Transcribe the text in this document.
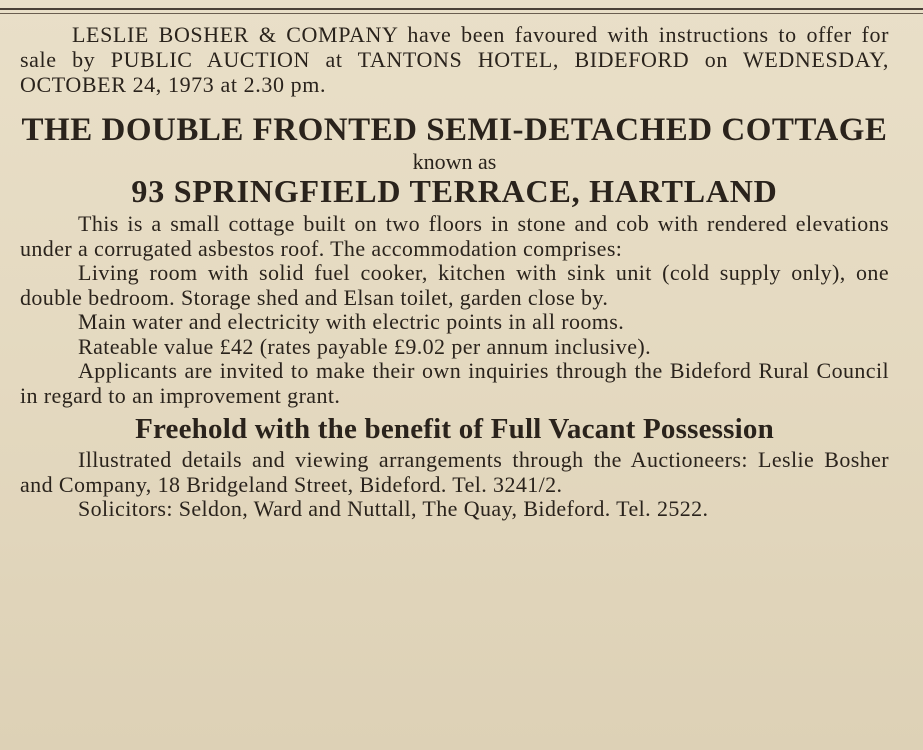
LESLIE BOSHER & COMPANY have been favoured with instructions to offer for sale by PUBLIC AUCTION at TANTONS HOTEL, BIDEFORD on WEDNESDAY, OCTOBER 24, 1973 at 2.30 pm.

THE DOUBLE FRONTED SEMI-DETACHED COTTAGE

known as

93 SPRINGFIELD TERRACE, HARTLAND

This is a small cottage built on two floors in stone and cob with rendered elevations under a corrugated asbestos roof. The accommodation comprises:

Living room with solid fuel cooker, kitchen with sink unit (cold supply only), one double bedroom. Storage shed and Elsan toilet, garden close by.

Main water and electricity with electric points in all rooms.

Rateable value £42 (rates payable £9.02 per annum inclusive).

Applicants are invited to make their own inquiries through the Bideford Rural Council in regard to an improvement grant.

Freehold with the benefit of Full Vacant Possession

Illustrated details and viewing arrangements through the Auctioneers: Leslie Bosher and Company, 18 Bridgeland Street, Bideford. Tel. 3241/2.

Solicitors: Seldon, Ward and Nuttall, The Quay, Bideford. Tel. 2522.
